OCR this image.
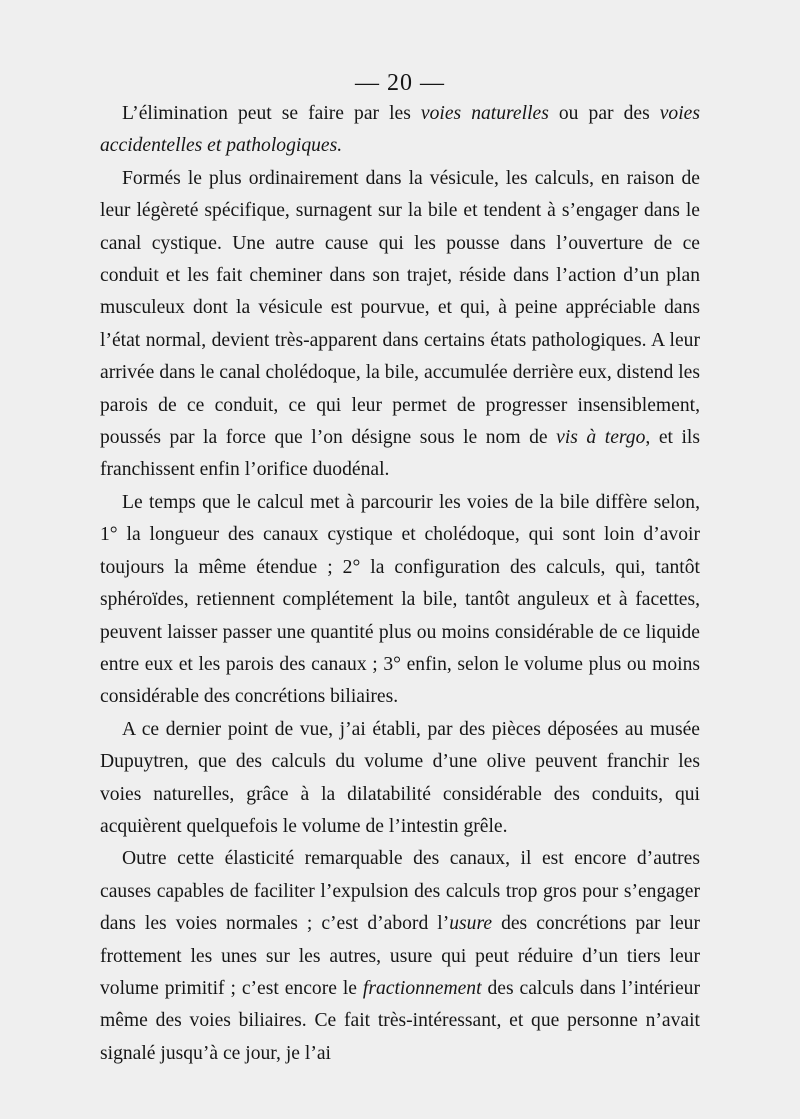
— 20 —

L’élimination peut se faire par les voies naturelles ou par des voies accidentelles et pathologiques.

Formés le plus ordinairement dans la vésicule, les calculs, en raison de leur légèreté spécifique, surnagent sur la bile et tendent à s’engager dans le canal cystique. Une autre cause qui les pousse dans l’ouverture de ce conduit et les fait cheminer dans son trajet, réside dans l’action d’un plan musculeux dont la vésicule est pourvue, et qui, à peine appréciable dans l’état normal, devient très-apparent dans certains états pathologiques. A leur arrivée dans le canal cholédoque, la bile, accumulée derrière eux, distend les parois de ce conduit, ce qui leur permet de progresser insensiblement, poussés par la force que l’on désigne sous le nom de vis à tergo, et ils franchissent enfin l’orifice duodénal.

Le temps que le calcul met à parcourir les voies de la bile diffère selon, 1° la longueur des canaux cystique et cholédoque, qui sont loin d’avoir toujours la même étendue ; 2° la configuration des calculs, qui, tantôt sphéroïdes, retiennent complétement la bile, tantôt anguleux et à facettes, peuvent laisser passer une quantité plus ou moins considérable de ce liquide entre eux et les parois des canaux ; 3° enfin, selon le volume plus ou moins considérable des concrétions biliaires.

A ce dernier point de vue, j’ai établi, par des pièces déposées au musée Dupuytren, que des calculs du volume d’une olive peuvent franchir les voies naturelles, grâce à la dilatabilité considérable des conduits, qui acquièrent quelquefois le volume de l’intestin grêle.

Outre cette élasticité remarquable des canaux, il est encore d’autres causes capables de faciliter l’expulsion des calculs trop gros pour s’engager dans les voies normales ; c’est d’abord l’usure des concrétions par leur frottement les unes sur les autres, usure qui peut réduire d’un tiers leur volume primitif ; c’est encore le fractionnement des calculs dans l’intérieur même des voies biliaires. Ce fait très-intéressant, et que personne n’avait signalé jusqu’à ce jour, je l’ai
